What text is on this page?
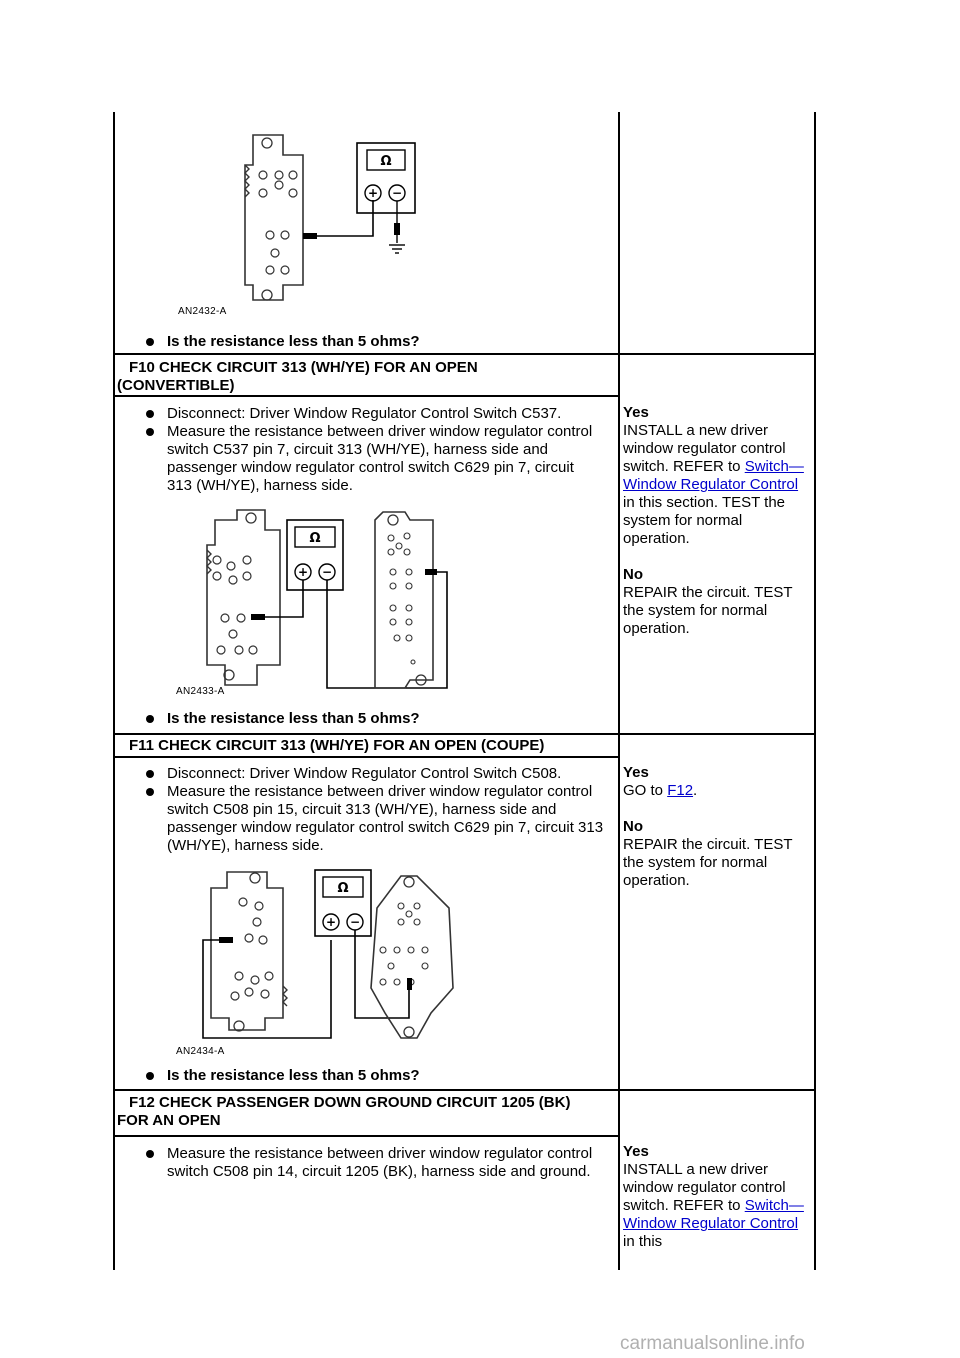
Ω
+ −
AN2432-A
Is the resistance less than 5 ohms?
F10 CHECK CIRCUIT 313 (WH/YE) FOR AN OPEN
(CONVERTIBLE)
Disconnect: Driver Window Regulator Control Switch C537.
Measure the resistance between driver window regulator control switch C537 pin 7, circuit 313 (WH/YE), harness side and passenger window regulator control switch C629 pin 7, circuit 313 (WH/YE), harness side.
Ω
+ −
AN2433-A
Is the resistance less than 5 ohms?
Yes
INSTALL a new driver window regulator control switch. REFER to Switch—Window Regulator Control in this section. TEST the system for normal operation.
No
REPAIR the circuit. TEST the system for normal operation.
F11 CHECK CIRCUIT 313 (WH/YE) FOR AN OPEN (COUPE)
Disconnect: Driver Window Regulator Control Switch C508.
Measure the resistance between driver window regulator control switch C508 pin 15, circuit 313 (WH/YE), harness side and passenger window regulator control switch C629 pin 7, circuit 313 (WH/YE), harness side.
Ω
+ −
AN2434-A
Is the resistance less than 5 ohms?
Yes
GO to F12.
No
REPAIR the circuit. TEST the system for normal operation.
F12 CHECK PASSENGER DOWN GROUND CIRCUIT 1205 (BK)
FOR AN OPEN
Measure the resistance between driver window regulator control switch C508 pin 14, circuit 1205 (BK), harness side and ground.
Yes
INSTALL a new driver window regulator control switch. REFER to Switch—Window Regulator Control in this
carmanualsonline.info
